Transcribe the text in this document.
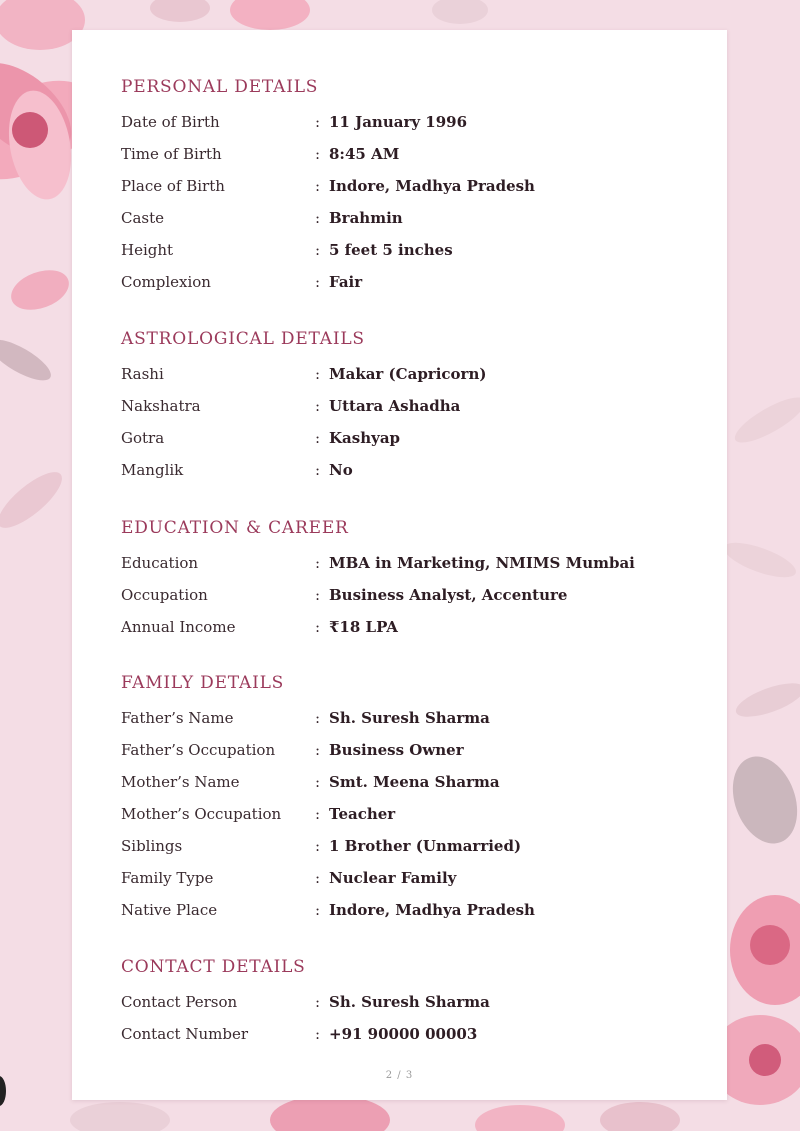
PERSONAL DETAILS
Date of Birth	: 11 January 1996
Time of Birth	: 8:45 AM
Place of Birth	: Indore, Madhya Pradesh
Caste	: Brahmin
Height	: 5 feet 5 inches
Complexion	: Fair
ASTROLOGICAL DETAILS
Rashi	: Makar (Capricorn)
Nakshatra	: Uttara Ashadha
Gotra	: Kashyap
Manglik	: No
EDUCATION & CAREER
Education	: MBA in Marketing, NMIMS Mumbai
Occupation	: Business Analyst, Accenture
Annual Income	: ₹18 LPA
FAMILY DETAILS
Father’s Name	: Sh. Suresh Sharma
Father’s Occupation	: Business Owner
Mother’s Name	: Smt. Meena Sharma
Mother’s Occupation : Teacher
Siblings	: 1 Brother (Unmarried)
Family Type	: Nuclear Family
Native Place	: Indore, Madhya Pradesh
CONTACT DETAILS
Contact Person	: Sh. Suresh Sharma
Contact Number	: +91 90000 00003
2 / 3
